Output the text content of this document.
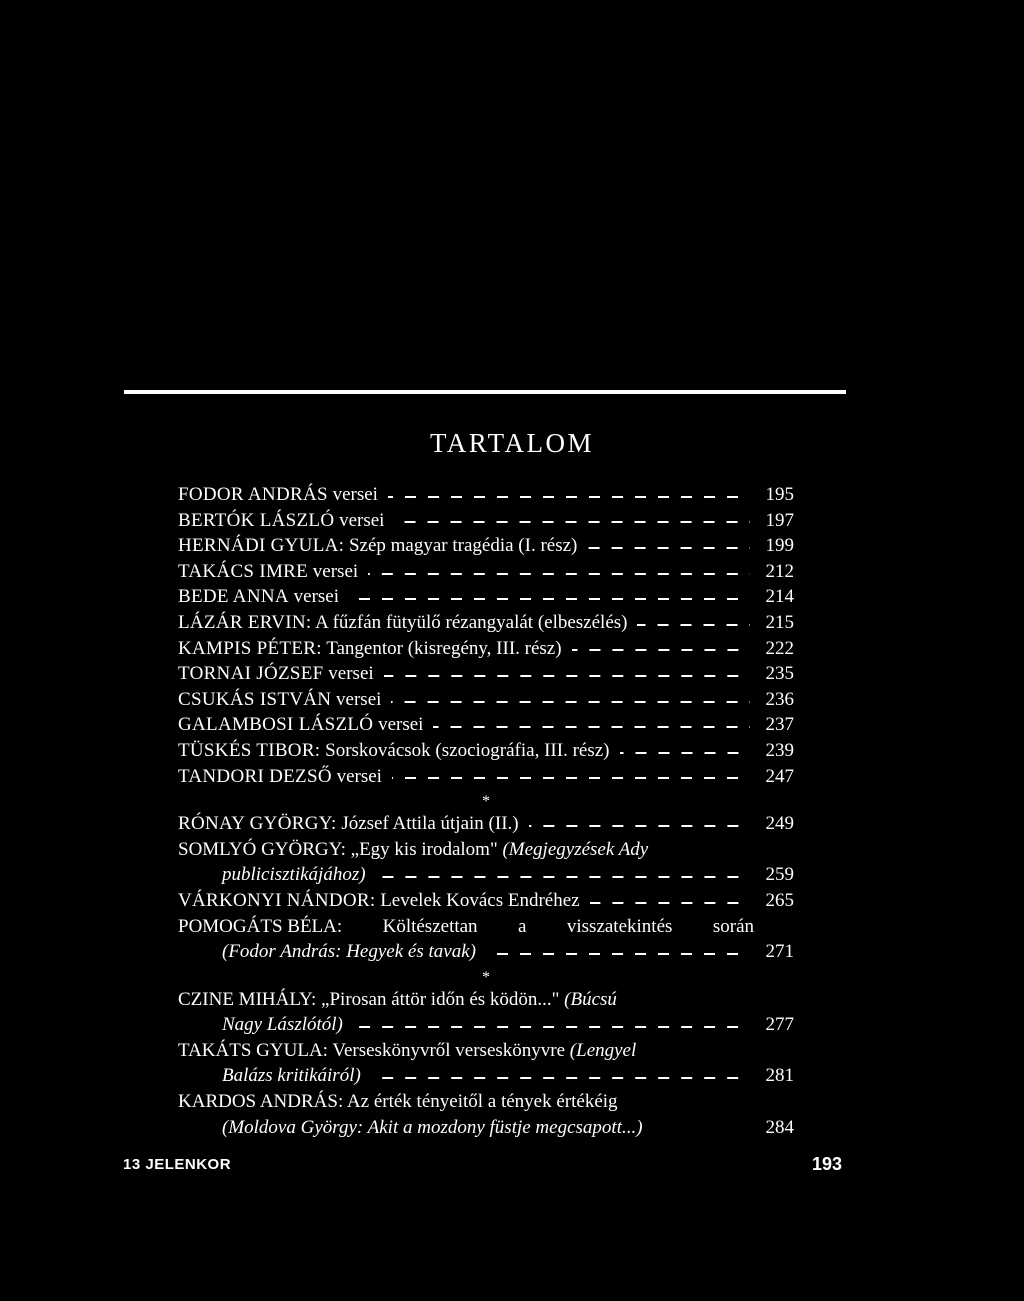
TARTALOM
FODOR ANDRÁS versei	195
BERTÓK LÁSZLÓ versei	197
HERNÁDI GYULA: Szép magyar tragédia (I. rész)	199
TAKÁCS IMRE versei	212
BEDE ANNA versei	214
LÁZÁR ERVIN: A fűzfán fütyülő rézangyalát (elbeszélés)	215
KAMPIS PÉTER: Tangentor (kisregény, III. rész)	222
TORNAI JÓZSEF versei	235
CSUKÁS ISTVÁN versei	236
GALAMBOSI LÁSZLÓ versei	237
TÜSKÉS TIBOR: Sorskovácsok (szociográfia, III. rész)	239
TANDORI DEZSŐ versei	247
*
RÓNAY GYÖRGY: József Attila útjain (II.)	249
SOMLYÓ GYÖRGY: „Egy kis irodalom" (Megjegyzések Ady
publicisztikájához)	259
VÁRKONYI NÁNDOR: Levelek Kovács Endréhez	265
POMOGÁTS BÉLA: Költészettan a visszatekintés során
(Fodor András: Hegyek és tavak)	271
*
CZINE MIHÁLY: „Pirosan áttör időn és ködön..." (Búcsú
Nagy Lászlótól)	277
TAKÁTS GYULA: Verseskönyvről verseskönyvre (Lengyel
Balázs kritikáiról)	281
KARDOS ANDRÁS: Az érték tényeitől a tények értékéig
(Moldova György: Akit a mozdony füstje megcsapott...)	284
13 JELENKOR	193
